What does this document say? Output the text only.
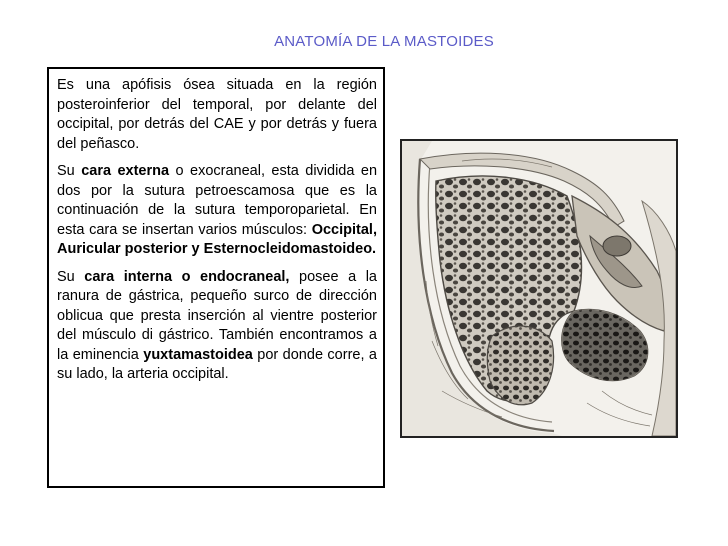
ANATOMÍA DE LA MASTOIDES

Es una apófisis ósea situada en la región posteroinferior del temporal, por delante del occipital, por detrás del CAE y por detrás y fuera del peñasco.

Su cara externa o exocraneal, esta dividida en dos por la sutura petroescamosa que es la continuación de la sutura temporoparietal. En esta cara se insertan varios músculos: Occipital, Auricular posterior y Esternocleidomastoideo.

Su cara interna o endocraneal, posee a la ranura de gástrica, pequeño surco de dirección oblicua que presta inserción al vientre posterior del músculo di gástrico. También encontramos a la eminencia yuxtamastoidea por donde corre, a su lado, la arteria occipital.
